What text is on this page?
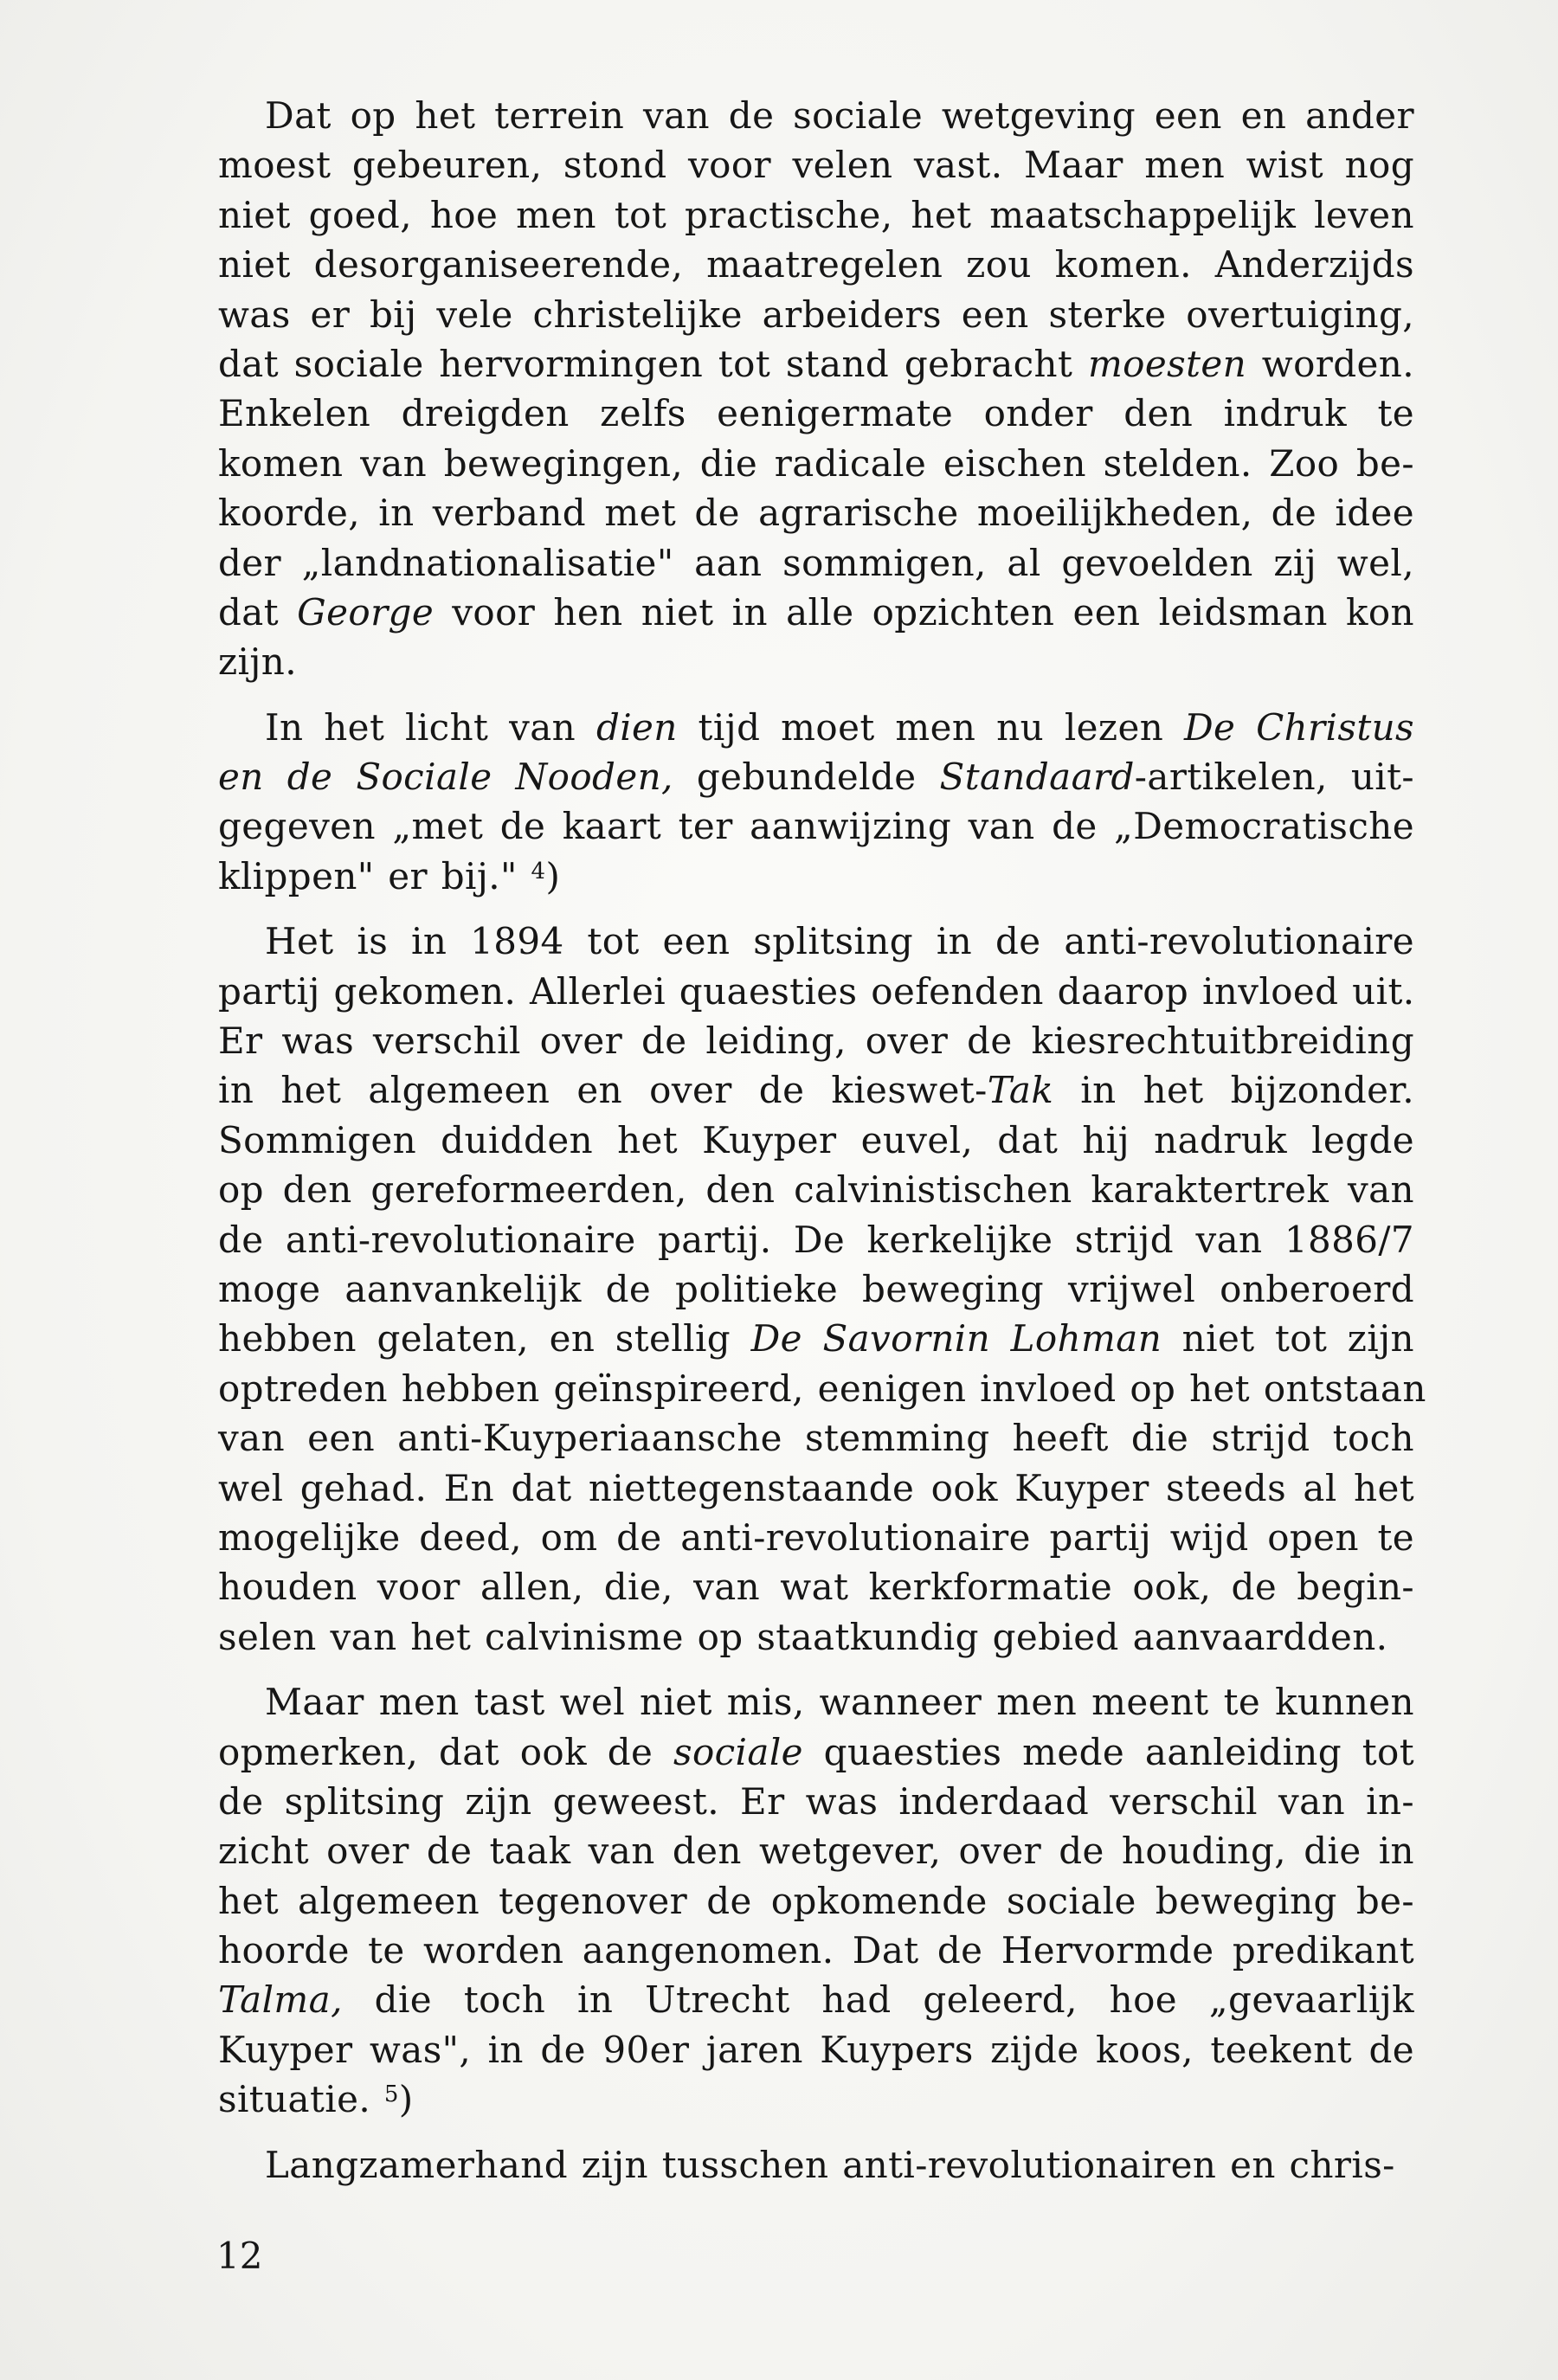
Dat op het terrein van de sociale wetgeving een en ander
moest gebeuren, stond voor velen vast. Maar men wist nog
niet goed, hoe men tot practische, het maatschappelijk leven
niet desorganiseerende, maatregelen zou komen. Anderzijds
was er bij vele christelijke arbeiders een sterke overtuiging,
dat sociale hervormingen tot stand gebracht moesten worden.
Enkelen dreigden zelfs eenigermate onder den indruk te
komen van bewegingen, die radicale eischen stelden. Zoo be-
koorde, in verband met de agrarische moeilijkheden, de idee
der „landnationalisatie" aan sommigen, al gevoelden zij wel,
dat George voor hen niet in alle opzichten een leidsman kon
zijn.
In het licht van dien tijd moet men nu lezen De Christus
en de Sociale Nooden, gebundelde Standaard-artikelen, uit-
gegeven „met de kaart ter aanwijzing van de „Democratische
klippen" er bij." $^4$)
Het is in 1894 tot een splitsing in de anti-revolutionaire
partij gekomen. Allerlei quaesties oefenden daarop invloed uit.
Er was verschil over de leiding, over de kiesrechtuitbreiding
in het algemeen en over de kieswet-Tak in het bijzonder.
Sommigen duidden het Kuyper euvel, dat hij nadruk legde
op den gereformeerden, den calvinistischen karaktertrek van
de anti-revolutionaire partij. De kerkelijke strijd van 1886/7
moge aanvankelijk de politieke beweging vrijwel onberoerd
hebben gelaten, en stellig De Savornin Lohman niet tot zijn
optreden hebben geïnspireerd, eenigen invloed op het ontstaan
van een anti-Kuyperiaansche stemming heeft die strijd toch
wel gehad. En dat niettegenstaande ook Kuyper steeds al het
mogelijke deed, om de anti-revolutionaire partij wijd open te
houden voor allen, die, van wat kerkformatie ook, de begin-
selen van het calvinisme op staatkundig gebied aanvaardden.
Maar men tast wel niet mis, wanneer men meent te kunnen
opmerken, dat ook de sociale quaesties mede aanleiding tot
de splitsing zijn geweest. Er was inderdaad verschil van in-
zicht over de taak van den wetgever, over de houding, die in
het algemeen tegenover de opkomende sociale beweging be-
hoorde te worden aangenomen. Dat de Hervormde predikant
Talma, die toch in Utrecht had geleerd, hoe „gevaarlijk
Kuyper was", in de 90er jaren Kuypers zijde koos, teekent de
situatie. $^5$)
Langzamerhand zijn tusschen anti-revolutionairen en chris-
12
